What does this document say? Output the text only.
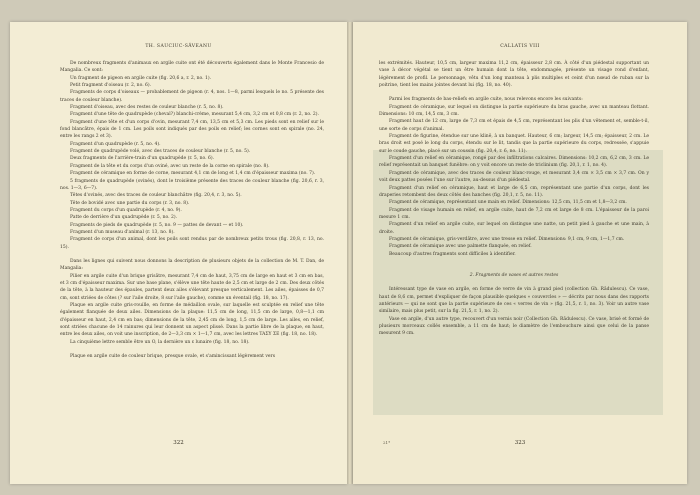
TH. SAUCIUC-SĂVEANU

De nombreux fragments d'animaux en argile cuite ont été découverts également dans le Monte Francesio de Mangalia. Ce sont:

Un fragment de pigeon en argile cuite (fig. 20,6 a, r. 2, no. 1).

Petit fragment d'oiseau (r. 2, no. 6).

Fragments de corps d'oiseaux — probablement de pigeon (r. 4, nos. 1—8, parmi lesquels le no. 5 présente des traces de couleur blanche).

Fragment d'oiseau, avec des restes de couleur blanche (r. 5, no. 8).

Fragment d'une tête de quadrupède (cheval?) blanchi-crème, mesurant 5,4 cm, 3,2 cm et 0,8 cm (r. 2, no. 2).

Fragment d'une tête et d'un corps d'ovin, mesurant 7,4 cm, 13,5 cm et 5,3 cm. Les pieds sont en relief sur le fond blancâtre, épais de 1 cm. Les poils sont indiqués par des poils en relief; les cornes sont en spirale (no. 24, entre les rangs 2 et 3).

Fragment d'un quadrupède (r. 5, no. 4).

Fragment de quadrupède volé, avec des traces de couleur blanche (r. 5, no. 5).

Deux fragments de l'arrière-train d'un quadrupède (r. 5, no. 6).

Fragment de la tête et du corps d'un oviné, avec un reste de la corne en spirale (no. 8).

Fragment de céramique en forme de corne, mesurant 4,1 cm de long et 1,4 cm d'épaisseur maxima (no. 7).

5 fragments de quadrupède (ovinés), dont le troisième présente des traces de couleur blanche (fig. 20,6, r. 3, nos. 1—3, 6—7).

Têtes d'ovinés, avec des traces de couleur blanchâtre (fig. 20,4, r. 3, no. 5).

Tête de bovidé avec une partie du corps (r. 3, no. 8).

Fragment du corps d'un quadrupède (r. 4, no. 9).

Patte de derrière d'un quadrupède (r. 5, no. 2).

Fragments de pieds de quadrupède (r. 5, no. 9 — pattes de devant — et 10).

Fragment d'un museau d'animal (r. 13, no. 8).

Fragment de corps d'un animal, dont les poils sont rendus par de nombreux petits trous (fig. 20,8, r. 13, no. 15).

Dans les lignes qui suivent nous donnons la description de plusieurs objets de la collection de M. T. Dan, de Mangalia:

Pilier en argile cuite d'un brique grisâtre, mesurant 7,4 cm de haut, 3,75 cm de large en haut et 3 cm en bas, et 3 cm d'épaisseur maxima. Sur une base plane, s'élève une tête haute de 2,5 cm et large de 2 cm. Des deux côtés de la tête, à la hauteur des épaules, partent deux ailes s'élevant presque verticalement. Les ailes, épaisses de 0,7 cm, sont striées de côtes (? sur l'aile droite, 8 sur l'aile gauche), comme un éventail (fig. 18, no. 17).

Plaque en argile cuite gris-rouille, en forme de médaillon ovale, sur laquelle est sculptée en relief une tête également flanquée de deux ailes. Dimensions de la plaque: 11,5 cm de long, 11,5 cm de large, 0,8—1,1 cm d'épaisseur en haut, 2,4 cm en bas; dimensions de la tête, 2,45 cm de long, 1,5 cm de large. Les ailes, en relief, sont striées chacune de 14 rainures qui leur donnent un aspect plissé. Dans la partie libre de la plaque, en haut, entre les deux ailes, on voit une inscription, de 2—3,3 cm × 1—1,7 cm, avec les lettres TAΣY ΣΕ (fig. 18, no. 18).

La cinquième lettre semble être un O, la dernière un ε lunaire (fig. 18, no. 18).

Plaque en argile cuite de couleur brique, presque ovale, et s'amincissant légèrement vers

322
CALLATIS VIII

les extrémités. Hauteur, 10,5 cm, largeur maxima 11,2 cm, épaisseur 2,8 cm. À côté d'un piédestal supportant un vase à décor végétal se tient un être humain dont la tête, endommagée, présente un visage rond d'enfant, légèrement de profil. Le personnage, vêtu d'un long manteau à plis multiples et ceint d'un nœud de ruban sur la poitrine, tient les mains jointes devant lui (fig. 18, no. 40).

Parmi les fragments de bas-reliefs en argile cuite, nous relevons encore les suivants:

Fragment de céramique, sur lequel on distingue la partie supérieure du bras gauche, avec un manteau flottant. Dimensions: 10 cm, 14,5 cm, 3 cm.

Fragment haut de 12 cm, large de 7,3 cm et épais de 4,5 cm, représentant les plis d'un vêtement et, semble-t-il, une sorte de corps d'animal.

Fragment de figurine, étendue sur une klinê, à un banquet. Hauteur, 6 cm; largeur, 14,5 cm; épaisseur, 2 cm. Le bras droit est posé le long du corps, étendu sur le lit, tandis que la partie supérieure du corps, redressée, s'appuie sur le coude gauche, placé sur un coussin (fig. 20,4, r. 6, no. 11).

Fragment d'un relief en céramique, rongé par des infiltrations calcaires. Dimensions: 10,2 cm, 6,2 cm, 3 cm. Le relief représentait un banquet funèbre: on y voit encore un reste de triclinium (fig. 20,1, r. 1, no. 4).

Fragment de céramique, avec des traces de couleur blanc-rouge, et mesurant 3,4 cm × 3,5 cm × 3,7 cm. On y voit deux pattes posées l'une sur l'autre, au-dessus d'un piédestal.

Fragment d'un relief en céramique, haut et large de 6,5 cm, représentant une partie d'un corps, dont les draperies retombent des deux côtés des hanches (fig. 20,1, r. 5, no. 11).

Fragment de céramique, représentant une main en relief. Dimensions: 12,5 cm, 11,5 cm et 1,8—3,2 cm.

Fragment de visage humain en relief, en argile cuite, haut de 7,2 cm et large de 8 cm. L'épaisseur de la paroi mesure 1 cm.

Fragment d'un relief en argile cuite, sur lequel on distingue une natte, un petit pied à gauche et une main, à droite.

Fragment de céramique, gris-verdâtre, avec une tresse en relief. Dimensions: 9,1 cm, 9 cm, 1—1,7 cm.

Fragment de céramique avec une palmette flanquée, en relief.

Beaucoup d'autres fragments sont difficiles à identifier.

2. Fragments de vases et autres restes

Intéressant type de vase en argile, en forme de verre de vin à grand pied (collection Gh. Rădulescu). Ce vase, haut de 8,6 cm, permet d'expliquer de façon plausible quelques « couvercles » — décrits par nous dans des rapports antérieurs — qui ne sont que la partie supérieure de ces « verres de vin » (fig. 21,5, r. 1, no. 3). Voir un autre vase similaire, mais plus petit, sur la fig. 21,5, r. 1, no. 2).

Vase en argile, d'un autre type, recouvert d'un vernis noir (Collection Gh. Rădulescu). Ce vase, brisé et formé de plusieurs morceaux collés ensemble, a 11 cm de haut; le diamètre de l'embouchure ainsi que celui de la panse mesurent 9 cm.

21*	323
